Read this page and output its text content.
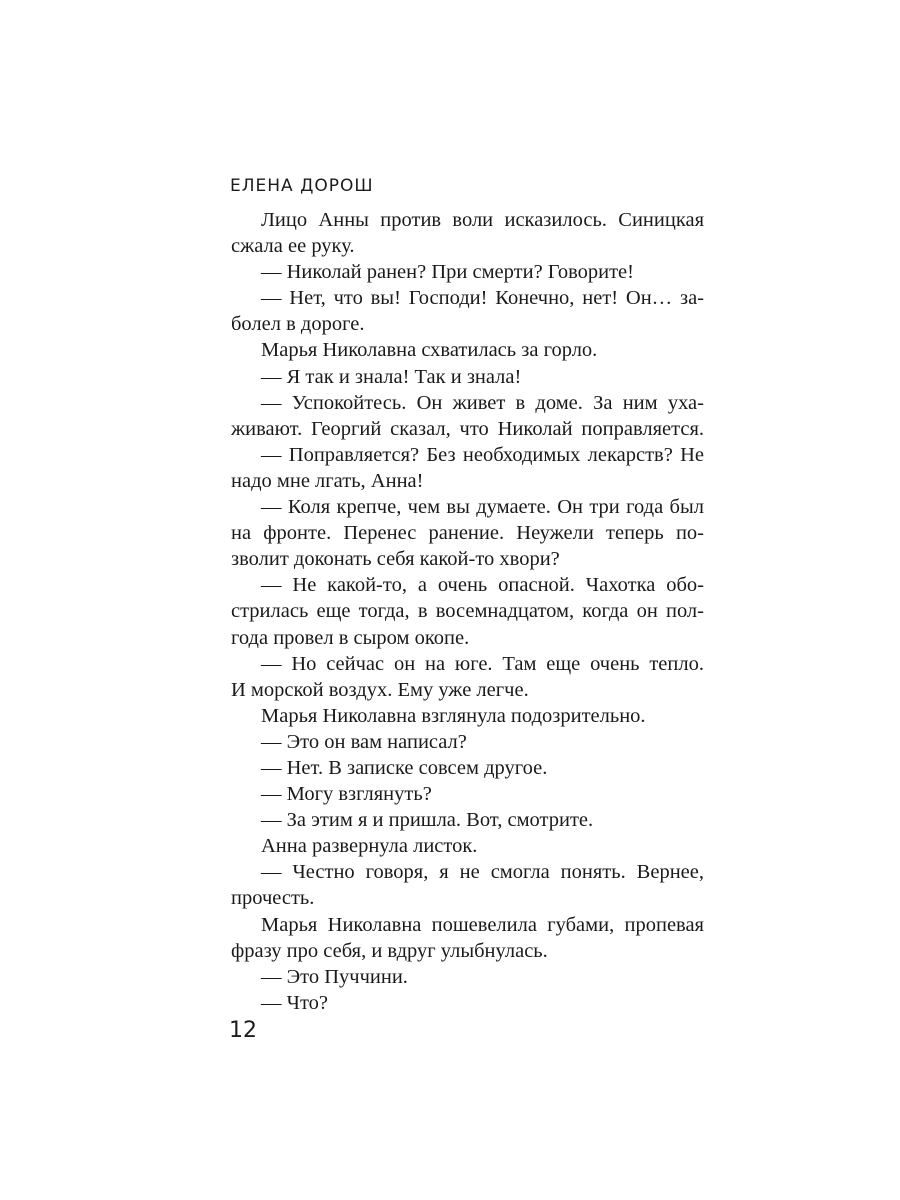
ЕЛЕНА ДОРОШ
Лицо Анны против воли исказилось. Синицкая
сжала ее руку.
— Николай ранен? При смерти? Говорите!
— Нет, что вы! Господи! Конечно, нет! Он… за-
болел в дороге.
Марья Николавна схватилась за горло.
— Я так и знала! Так и знала!
— Успокойтесь. Он живет в доме. За ним уха-
живают. Георгий сказал, что Николай поправляется.
— Поправляется? Без необходимых лекарств? Не
надо мне лгать, Анна!
— Коля крепче, чем вы думаете. Он три года был
на фронте. Перенес ранение. Неужели теперь по-
зволит доконать себя какой-то хвори?
— Не какой-то, а очень опасной. Чахотка обо-
стрилась еще тогда, в восемнадцатом, когда он пол-
года провел в сыром окопе.
— Но сейчас он на юге. Там еще очень тепло.
И морской воздух. Ему уже легче.
Марья Николавна взглянула подозрительно.
— Это он вам написал?
— Нет. В записке совсем другое.
— Могу взглянуть?
— За этим я и пришла. Вот, смотрите.
Анна развернула листок.
— Честно говоря, я не смогла понять. Вернее,
прочесть.
Марья Николавна пошевелила губами, пропевая
фразу про себя, и вдруг улыбнулась.
— Это Пуччини.
— Что?
12
